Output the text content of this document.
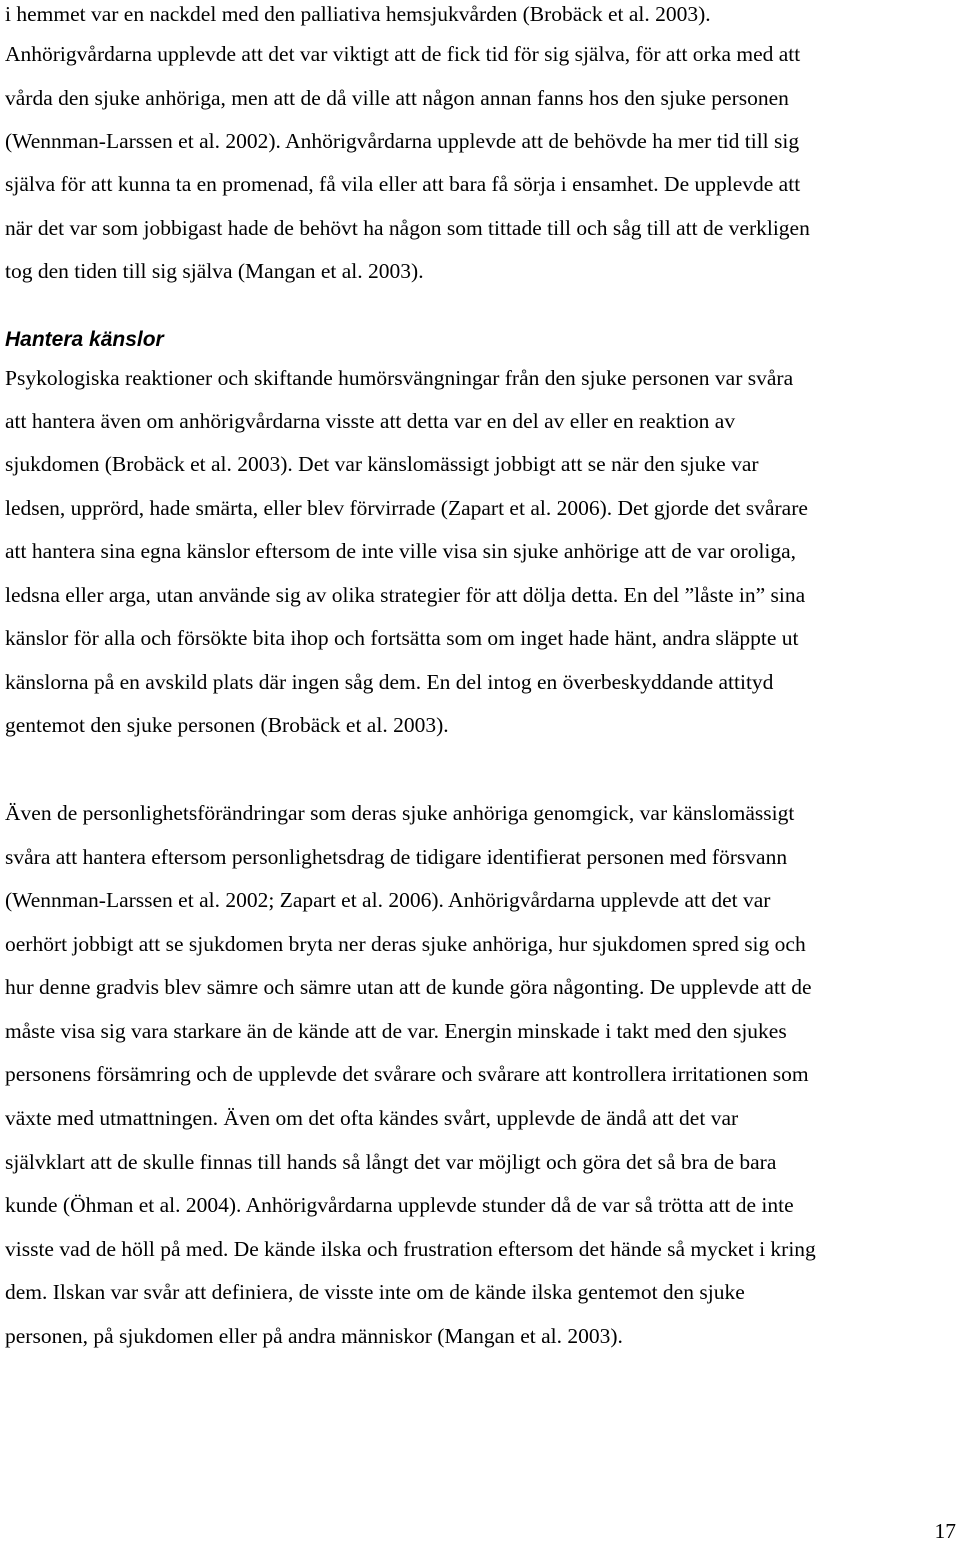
i hemmet var en nackdel med den palliativa hemsjukvården (Brobäck et al. 2003).

Anhörigvårdarna upplevde att det var viktigt att de fick tid för sig själva, för att orka med att

vårda den sjuke anhöriga, men att de då ville att någon annan fanns hos den sjuke personen

(Wennman-Larssen et al. 2002). Anhörigvårdarna upplevde att de behövde ha mer tid till sig

själva för att kunna ta en promenad, få vila eller att bara få sörja i ensamhet. De upplevde att

när det var som jobbigast hade de behövt ha någon som tittade till och såg till att de verkligen

tog den tiden till sig själva (Mangan et al. 2003).

Hantera känslor

Psykologiska reaktioner och skiftande humörsvängningar från den sjuke personen var svåra

att hantera även om anhörigvårdarna visste att detta var en del av eller en reaktion av

sjukdomen (Brobäck et al. 2003). Det var känslomässigt jobbigt att se när den sjuke var

ledsen, upprörd, hade smärta, eller blev förvirrade (Zapart et al. 2006). Det gjorde det svårare

att hantera sina egna känslor eftersom de inte ville visa sin sjuke anhörige att de var oroliga,

ledsna eller arga, utan använde sig av olika strategier för att dölja detta. En del ”låste in” sina

känslor för alla och försökte bita ihop och fortsätta som om inget hade hänt, andra släppte ut

känslorna på en avskild plats där ingen såg dem. En del intog en överbeskyddande attityd

gentemot den sjuke personen (Brobäck et al. 2003).

Även de personlighetsförändringar som deras sjuke anhöriga genomgick, var känslomässigt

svåra att hantera eftersom personlighetsdrag de tidigare identifierat personen med försvann

(Wennman-Larssen et al. 2002; Zapart et al. 2006). Anhörigvårdarna upplevde att det var

oerhört jobbigt att se sjukdomen bryta ner deras sjuke anhöriga, hur sjukdomen spred sig och

hur denne gradvis blev sämre och sämre utan att de kunde göra någonting. De upplevde att de

måste visa sig vara starkare än de kände att de var. Energin minskade i takt med den sjukes

personens försämring och de upplevde det svårare och svårare att kontrollera irritationen som

växte med utmattningen. Även om det ofta kändes svårt, upplevde de ändå att det var

självklart att de skulle finnas till hands så långt det var möjligt och göra det så bra de bara

kunde (Öhman et al. 2004). Anhörigvårdarna upplevde stunder då de var så trötta att de inte

visste vad de höll på med. De kände ilska och frustration eftersom det hände så mycket i kring

dem. Ilskan var svår att definiera, de visste inte om de kände ilska gentemot den sjuke

personen, på sjukdomen eller på andra människor (Mangan et al. 2003).

17
